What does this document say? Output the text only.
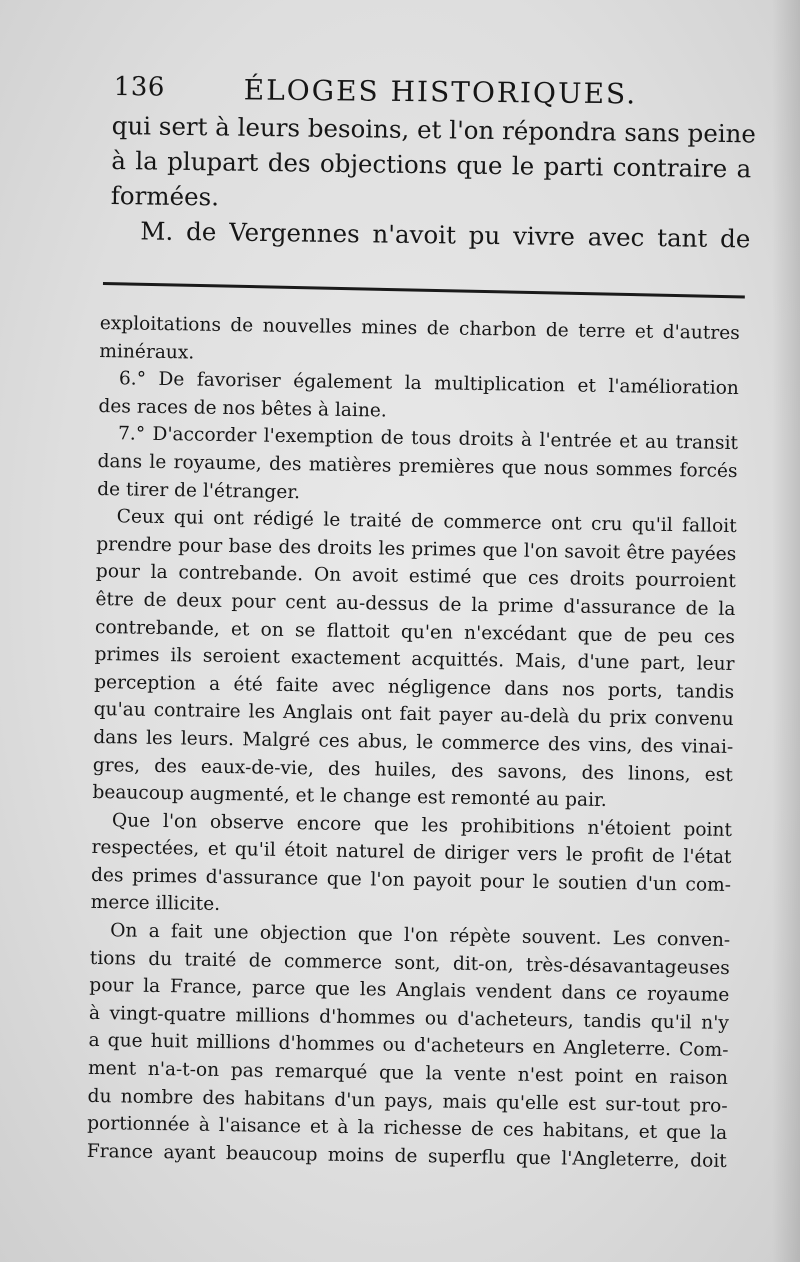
136	ÉLOGES HISTORIQUES.

qui sert à leurs besoins, et l'on répondra sans peine
à la plupart des objections que le parti contraire a
formées.
M. de Vergennes n'avoit pu vivre avec tant de

exploitations de nouvelles mines de charbon de terre et d'autres
minéraux.
6.° De favoriser également la multiplication et l'amélioration
des races de nos bêtes à laine.
7.° D'accorder l'exemption de tous droits à l'entrée et au transit
dans le royaume, des matières premières que nous sommes forcés
de tirer de l'étranger.
Ceux qui ont rédigé le traité de commerce ont cru qu'il falloit
prendre pour base des droits les primes que l'on savoit être payées
pour la contrebande. On avoit estimé que ces droits pourroient
être de deux pour cent au-dessus de la prime d'assurance de la
contrebande, et on se flattoit qu'en n'excédant que de peu ces
primes ils seroient exactement acquittés. Mais, d'une part, leur
perception a été faite avec négligence dans nos ports, tandis
qu'au contraire les Anglais ont fait payer au-delà du prix convenu
dans les leurs. Malgré ces abus, le commerce des vins, des vinai-
gres, des eaux-de-vie, des huiles, des savons, des linons, est
beaucoup augmenté, et le change est remonté au pair.
Que l'on observe encore que les prohibitions n'étoient point
respectées, et qu'il étoit naturel de diriger vers le profit de l'état
des primes d'assurance que l'on payoit pour le soutien d'un com-
merce illicite.
On a fait une objection que l'on répète souvent. Les conven-
tions du traité de commerce sont, dit-on, très-désavantageuses
pour la France, parce que les Anglais vendent dans ce royaume
à vingt-quatre millions d'hommes ou d'acheteurs, tandis qu'il n'y
a que huit millions d'hommes ou d'acheteurs en Angleterre. Com-
ment n'a-t-on pas remarqué que la vente n'est point en raison
du nombre des habitans d'un pays, mais qu'elle est sur-tout pro-
portionnée à l'aisance et à la richesse de ces habitans, et que la
France ayant beaucoup moins de superflu que l'Angleterre, doit
